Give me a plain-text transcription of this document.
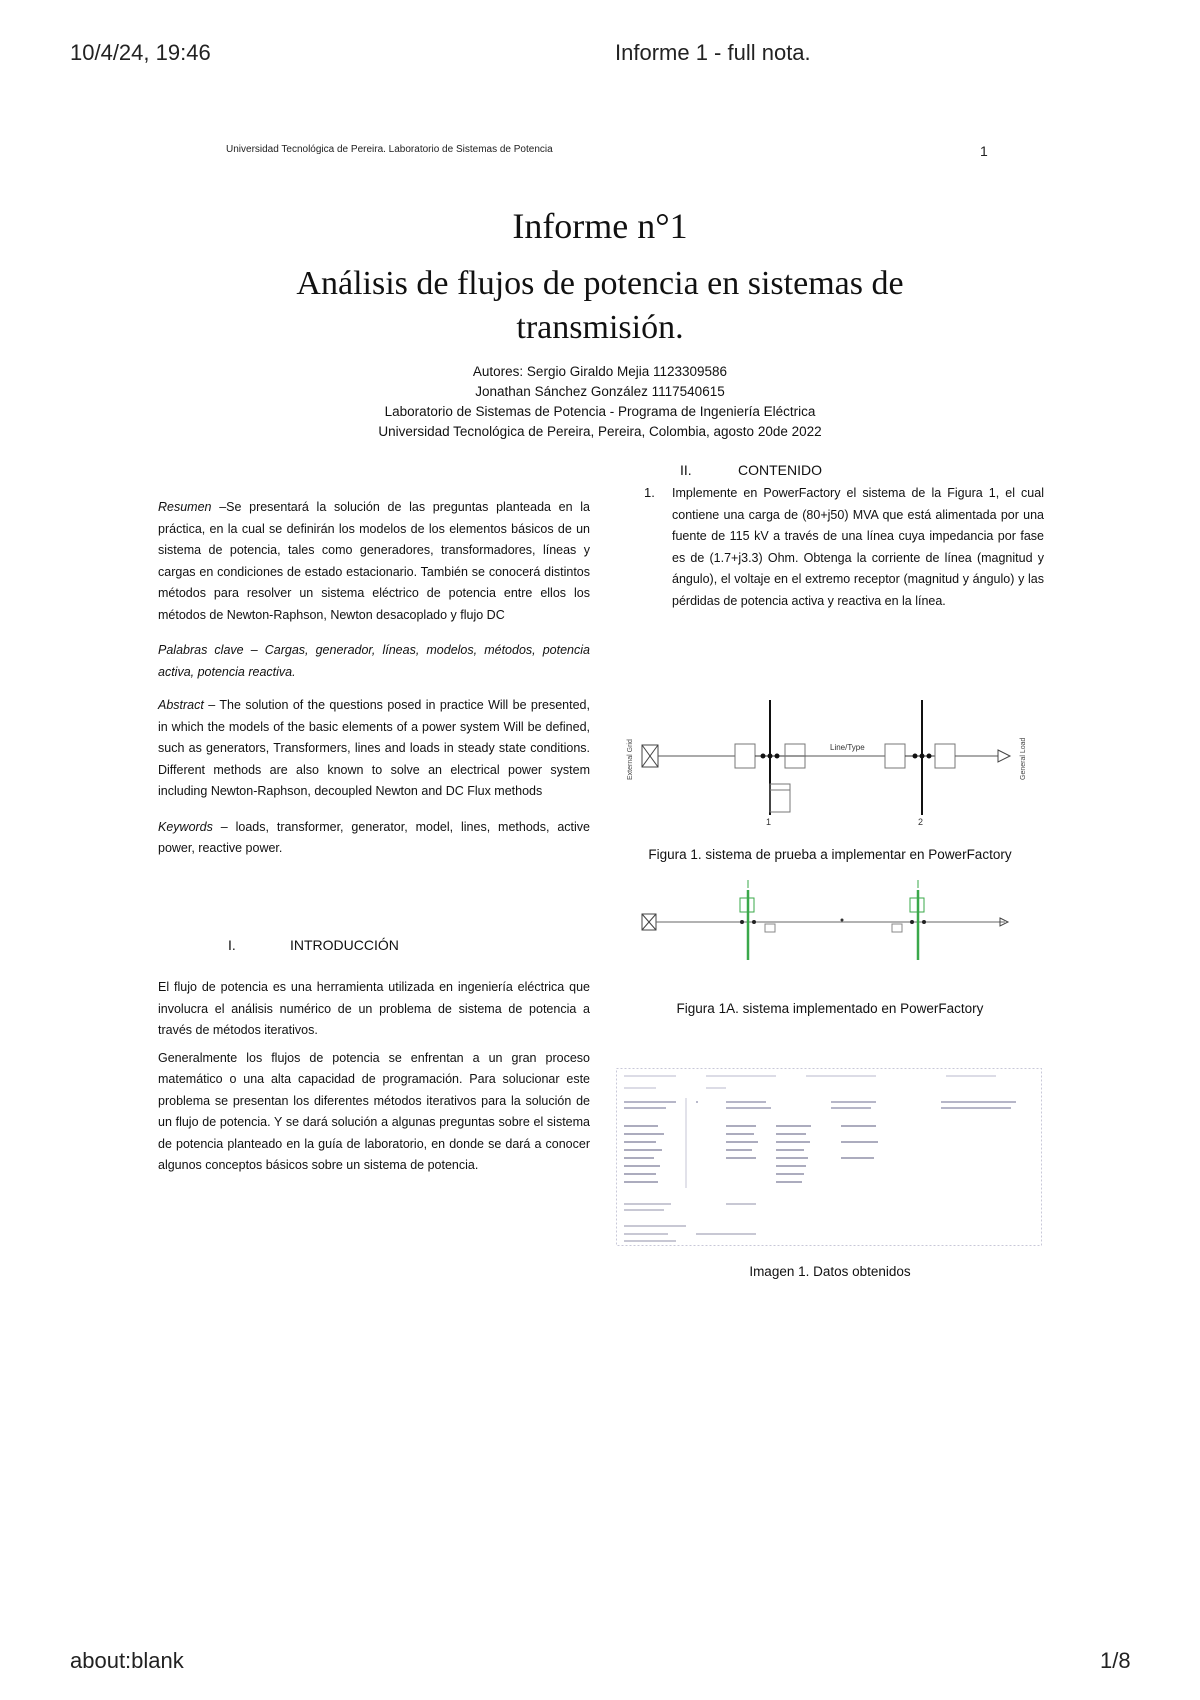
10/4/24, 19:46	Informe 1 - full nota.
Universidad Tecnológica de Pereira. Laboratorio de Sistemas de Potencia	1
Informe n°1
Análisis de flujos de potencia en sistemas de transmisión.
Autores: Sergio Giraldo Mejia 1123309586
Jonathan Sánchez González 1117540615
Laboratorio de Sistemas de Potencia - Programa de Ingeniería Eléctrica
Universidad Tecnológica de Pereira, Pereira, Colombia, agosto 20de 2022

Resumen –Se presentará la solución de las preguntas planteada en la práctica, en la cual se definirán los modelos de los elementos básicos de un sistema de potencia, tales como generadores, transformadores, líneas y cargas en condiciones de estado estacionario. También se conocerá distintos métodos para resolver un sistema eléctrico de potencia entre ellos los métodos de Newton-Raphson, Newton desacoplado y flujo DC

Palabras clave – Cargas, generador, líneas, modelos, métodos, potencia activa, potencia reactiva.

Abstract – The solution of the questions posed in practice Will be presented, in which the models of the basic elements of a power system Will be defined, such as generators, Transformers, lines and loads in steady state conditions. Different methods are also known to solve an electrical power system including Newton-Raphson, decoupled Newton and DC Flux methods

Keywords – loads, transformer, generator, model, lines, methods, active power, reactive power.

I.	INTRODUCCIÓN

El flujo de potencia es una herramienta utilizada en ingeniería eléctrica que involucra el análisis numérico de un problema de sistema de potencia a través de métodos iterativos.

Generalmente los flujos de potencia se enfrentan a un gran proceso matemático o una alta capacidad de programación. Para solucionar este problema se presentan los diferentes métodos iterativos para la solución de un flujo de potencia. Y se dará solución a algunas preguntas sobre el sistema de potencia planteado en la guía de laboratorio, en donde se dará a conocer algunos conceptos básicos sobre un sistema de potencia.

II.	CONTENIDO
1. Implemente en PowerFactory el sistema de la Figura 1, el cual contiene una carga de (80+j50) MVA que está alimentada por una fuente de 115 kV a través de una línea cuya impedancia por fase es de (1.7+j3.3) Ohm. Obtenga la corriente de línea (magnitud y ángulo), el voltaje en el extremo receptor (magnitud y ángulo) y las pérdidas de potencia activa y reactiva en la línea.
Line/Type
External Grid	General Load
1	2
Figura 1. sistema de prueba a implementar en PowerFactory
Figura 1A. sistema implementado en PowerFactory
Imagen 1. Datos obtenidos
about:blank	1/8
